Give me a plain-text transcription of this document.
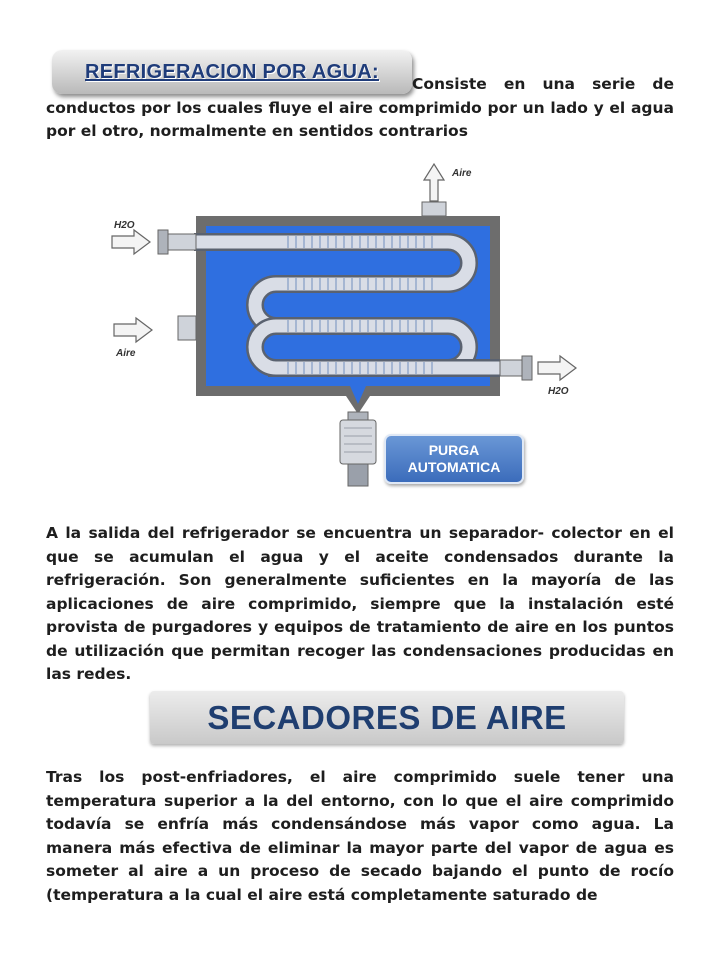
REFRIGERACION POR AGUA:
Consiste en una serie de conductos por los cuales fluye el aire comprimido por un lado y el agua por el otro, normalmente en sentidos contrarios
Aire
H2O
Aire
H2O
PURGA
AUTOMATICA
A la salida del refrigerador se encuentra un separador- colector en el que se acumulan el agua y el aceite condensados durante la refrigeración. Son generalmente suficientes en la mayoría de las aplicaciones de aire comprimido, siempre que la instalación esté provista de purgadores y equipos de tratamiento de aire en los puntos de utilización que permitan recoger las condensaciones producidas en las redes.
SECADORES DE AIRE
Tras los post-enfriadores, el aire comprimido suele tener una temperatura superior a la del entorno, con lo que el aire comprimido todavía se enfría más condensándose más vapor como agua. La manera más efectiva de eliminar la mayor parte del vapor de agua es someter al aire a un proceso de secado bajando el punto de rocío (temperatura a la cual el aire está completamente saturado de
